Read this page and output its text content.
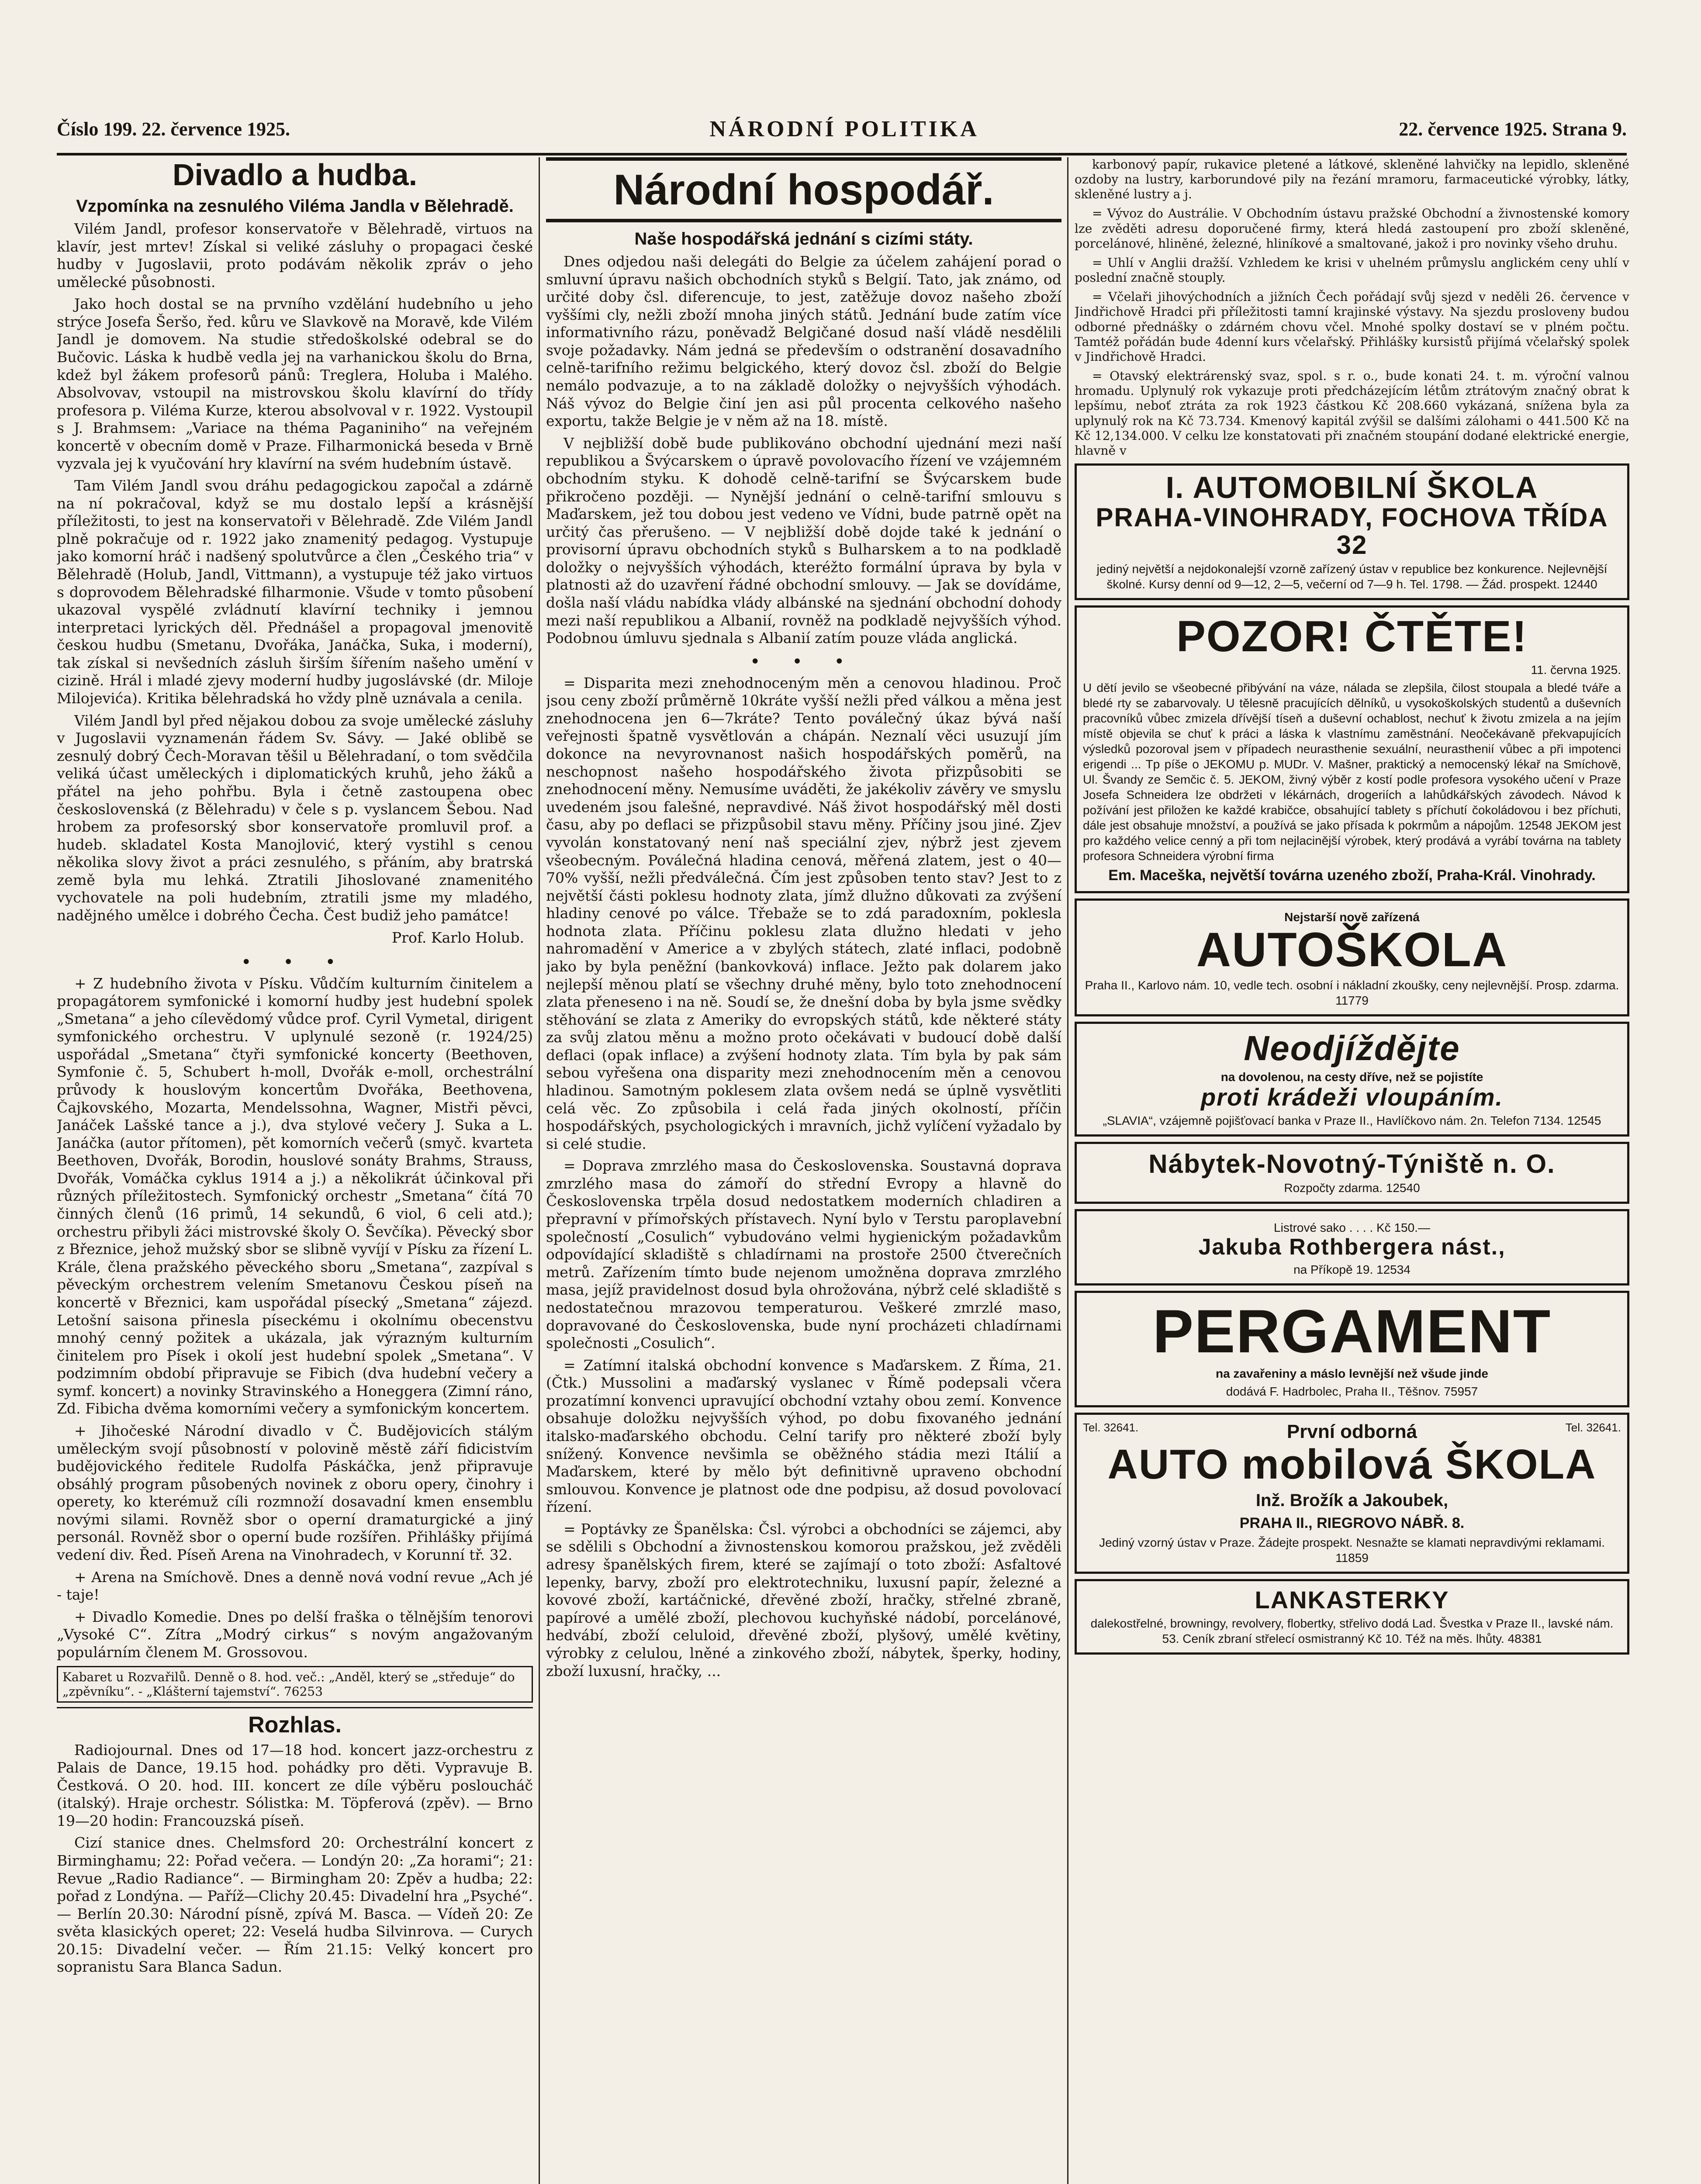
Číslo 199. 22. července 1925.	NÁRODNÍ POLITIKA	22. července 1925. Strana 9.
Divadlo a hudba.
Vzpomínka na zesnulého Viléma Jandla v Bělehradě.

Vilém Jandl, profesor konservatoře v Bělehradě, virtuos na klavír, jest mrtev! Získal si veliké zásluhy o propagaci české hudby v Jugoslavii, proto podávám několik zpráv o jeho umělecké působnosti.

Jako hoch dostal se na prvního vzdělání hudebního u jeho strýce Josefa Šeršo, řed. kůru ve Slavkově na Moravě, kde Vilém Jandl je domovem. Na studie středoškolské odebral se do Bučovic. Láska k hudbě vedla jej na varhanickou školu do Brna, kdež byl žákem profesorů pánů: Treglera, Holuba i Malého. Absolvovav, vstoupil na mistrovskou školu klavírní do třídy profesora p. Viléma Kurze, kterou absolvoval v r. 1922. Vystoupil s J. Brahmsem: „Variace na théma Paganiniho“ na veřejném koncertě v obecním domě v Praze. Filharmonická beseda v Brně vyzvala jej k vyučování hry klavírní na svém hudebním ústavě.

Tam Vilém Jandl svou dráhu pedagogickou započal a zdárně na ní pokračoval, když se mu dostalo lepší a krásnější příležitosti, to jest na konservatoři v Bělehradě. Zde Vilém Jandl plně pokračuje od r. 1922 jako znamenitý pedagog. Vystupuje jako komorní hráč i nadšený spolutvůrce a člen „Českého tria“ v Bělehradě (Holub, Jandl, Vittmann), a vystupuje též jako virtuos s doprovodem Bělehradské filharmonie. Všude v tomto působení ukazoval vyspělé zvládnutí klavírní techniky i jemnou interpretaci lyrických děl. Přednášel a propagoval jmenovitě českou hudbu (Smetanu, Dvořáka, Janáčka, Suka, i moderní), tak získal si nevšedních zásluh širším šířením našeho umění v cizině. Hrál i mladé zjevy moderní hudby jugoslávské (dr. Miloje Milojevića). Kritika bělehradská ho vždy plně uznávala a cenila.

Vilém Jandl byl před nějakou dobou za svoje umělecké zásluhy v Jugoslavii vyznamenán řádem Sv. Sávy. — Jaké oblibě se zesnulý dobrý Čech-Moravan těšil u Bělehradaní, o tom svědčila veliká účast uměleckých i diplomatických kruhů, jeho žáků a přátel na jeho pohřbu. Byla i četně zastoupena obec československá (z Bělehradu) v čele s p. vyslancem Šebou. Nad hrobem za profesorský sbor konservatoře promluvil prof. a hudeb. skladatel Kosta Manojlović, který vystihl s cenou několika slovy život a práci zesnulého, s přáním, aby bratrská země byla mu lehká. Ztratili Jihoslované znamenitého vychovatele na poli hudebním, ztratili jsme my mladého, nadějného umělce i dobrého Čecha. Čest budiž jeho památce!

Prof. Karlo Holub.
• • •

+ Z hudebního života v Písku. Vůdčím kulturním činitelem a propagátorem symfonické i komorní hudby jest hudební spolek „Smetana“ a jeho cílevědomý vůdce prof. Cyril Vymetal, dirigent symfonického orchestru. V uplynulé sezoně (r. 1924/25) uspořádal „Smetana“ čtyři symfonické koncerty (Beethoven, Symfonie č. 5, Schubert h-moll, Dvořák e-moll, orchestrální průvody k houslovým koncertům Dvořáka, Beethovena, Čajkovského, Mozarta, Mendelssohna, Wagner, Mistři pěvci, Janáček Lašské tance a j.), dva stylové večery J. Suka a L. Janáčka (autor přítomen), pět komorních večerů (smyč. kvarteta Beethoven, Dvořák, Borodin, houslové sonáty Brahms, Strauss, Dvořák, Vomáčka cyklus 1914 a j.) a několikrát účinkoval při různých příležitostech. Symfonický orchestr „Smetana“ čítá 70 činných členů (16 primů, 14 sekundů, 6 viol, 6 celi atd.); orchestru přibyli žáci mistrovské školy O. Ševčíka). Pěvecký sbor z Březnice, jehož mužský sbor se slibně vyvíjí v Písku za řízení L. Krále, člena pražského pěveckého sboru „Smetana“, zazpíval s pěveckým orchestrem velením Smetanovu Českou píseň na koncertě v Březnici, kam uspořádal písecký „Smetana“ zájezd. Letošní saisona přinesla píseckému i okolnímu obecenstvu mnohý cenný požitek a ukázala, jak výrazným kulturním činitelem pro Písek i okolí jest hudební spolek „Smetana“. V podzimním období připravuje se Fibich (dva hudební večery a symf. koncert) a novinky Stravinského a Honeggera (Zimní ráno, Zd. Fibicha dvěma komorními večery a symfonickým koncertem.

+ Jihočeské Národní divadlo v Č. Budějovicích stálým uměleckým svojí působností v polovině městě září fidicistvím budějovického ředitele Rudolfa Páskáčka, jenž připravuje obsáhlý program působených novinek z oboru opery, činohry i operety, ko kterémuž cíli rozmnoží dosavadní kmen ensemblu novými silami. Rovněž sbor o operní dramaturgické a jiný personál. Rovněž sbor o operní bude rozšířen. Přihlášky přijímá vedení div. Řed. Píseň Arena na Vinohradech, v Korunní tř. 32.

+ Arena na Smíchově. Dnes a denně nová vodní revue „Ach jé - taje!

+ Divadlo Komedie. Dnes po delší fraška o tělnějším tenorovi „Vysoké C“. Zítra „Modrý cirkus“ s novým angažovaným populárním členem M. Grossovou.

Kabaret u Rozvařilů. Denně o 8. hod. več.: „Anděl, který se „středuje“ do „zpěvníku“. - „Klášterní tajemství“. 76253
Rozhlas.

Radiojournal. Dnes od 17—18 hod. koncert jazz-orchestru z Palais de Dance, 19.15 hod. pohádky pro děti. Vypravuje B. Čestková. O 20. hod. III. koncert ze díle výběru posloucháč (italský). Hraje orchestr. Sólistka: M. Töpferová (zpěv). — Brno 19—20 hodin: Francouzská píseň.

Cizí stanice dnes. Chelmsford 20: Orchestrální koncert z Birminghamu; 22: Pořad večera. — Londýn 20: „Za horami“; 21: Revue „Radio Radiance“. — Birmingham 20: Zpěv a hudba; 22: pořad z Londýna. — Paříž—Clichy 20.45: Divadelní hra „Psyché“. — Berlín 20.30: Národní písně, zpívá M. Basca. — Vídeň 20: Ze světa klasických operet; 22: Veselá hudba Silvinrova. — Curych 20.15: Divadelní večer. — Řím 21.15: Velký koncert pro sopranistu Sara Blanca Sadun.

Národní hospodář.
Naše hospodářská jednání s cizími státy.

Dnes odjedou naši delegáti do Belgie za účelem zahájení porad o smluvní úpravu našich obchodních styků s Belgií. Tato, jak známo, od určité doby čsl. diferencuje, to jest, zatěžuje dovoz našeho zboží vyššími cly, nežli zboží mnoha jiných států. Jednání bude zatím více informativního rázu, poněvadž Belgičané dosud naší vládě nesdělili svoje požadavky. Nám jedná se především o odstranění dosavadního celně-tarifního režimu belgického, který dovoz čsl. zboží do Belgie nemálo podvazuje, a to na základě doložky o nejvyšších výhodách. Náš vývoz do Belgie činí jen asi půl procenta celkového našeho exportu, takže Belgie je v něm až na 18. místě.

V nejbližší době bude publikováno obchodní ujednání mezi naší republikou a Švýcarskem o úpravě povolovacího řízení ve vzájemném obchodním styku. K dohodě celně-tarifní se Švýcarskem bude přikročeno později. — Nynější jednání o celně-tarifní smlouvu s Maďarskem, jež tou dobou jest vedeno ve Vídni, bude patrně opět na určitý čas přerušeno. — V nejbližší době dojde také k jednání o provisorní úpravu obchodních styků s Bulharskem a to na podkladě doložky o nejvyšších výhodách, kteréžto formální úprava by byla v platnosti až do uzavření řádné obchodní smlouvy. — Jak se dovídáme, došla naší vládu nabídka vlády albánské na sjednání obchodní dohody mezi naší republikou a Albanií, rovněž na podkladě nejvyšších výhod. Podobnou úmluvu sjednala s Albanií zatím pouze vláda anglická.

• • •

= Disparita mezi znehodnoceným měn a cenovou hladinou. Proč jsou ceny zboží průměrně 10kráte vyšší nežli před válkou a měna jest znehodnocena jen 6—7kráte? Tento poválečný úkaz bývá naší veřejnosti špatně vysvětlován a chápán. Neznalí věci usuzují jím dokonce na nevyrovnanost našich hospodářských poměrů, na neschopnost našeho hospodářského života přizpůsobiti se znehodnocení měny. Nemusíme uváděti, že jakékoliv závěry ve smyslu uvedeném jsou falešné, nepravdivé. Náš život hospodářský měl dosti času, aby po deflaci se přizpůsobil stavu měny. Příčiny jsou jiné. Zjev vyvolán konstatovaný není naš speciální zjev, nýbrž jest zjevem všeobecným. Poválečná hladina cenová, měřená zlatem, jest o 40—70% vyšší, nežli předválečná. Čím jest způsoben tento stav? Jest to z největší části poklesu hodnoty zlata, jímž dlužno důkovati za zvýšení hladiny cenové po válce. Třebaže se to zdá paradoxním, poklesla hodnota zlata. Příčinu poklesu zlata dlužno hledati v jeho nahromadění v Americe a v zbylých státech, zlaté inflaci, podobně jako by byla peněžní (bankovková) inflace. Ježto pak dolarem jako nejlepší měnou platí se všechny druhé měny, bylo toto znehodnocení zlata přeneseno i na ně. Soudí se, že dnešní doba by byla jsme svědky stěhování se zlata z Ameriky do evropských států, kde některé státy za svůj zlatou měnu a možno proto očekávati v budoucí době další deflaci (opak inflace) a zvýšení hodnoty zlata. Tím byla by pak sám sebou vyřešena ona disparity mezi znehodnocením měn a cenovou hladinou. Samotným poklesem zlata ovšem nedá se úplně vysvětliti celá věc. Zo způsobila i celá řada jiných okolností, příčin hospodářských, psychologických i mravních, jichž vylíčení vyžadalo by si celé studie.

= Doprava zmrzlého masa do Československa. Soustavná doprava zmrzlého masa do zámoří do střední Evropy a hlavně do Československa trpěla dosud nedostatkem moderních chladiren a přepravní v přímořských přístavech. Nyní bylo v Terstu paroplavební společností „Cosulich“ vybudováno velmi hygienickým požadavkům odpovídající skladiště s chladírnami na prostoře 2500 čtverečních metrů. Zařízením tímto bude nejenom umožněna doprava zmrzlého masa, jejíž pravidelnost dosud byla ohrožována, nýbrž celé skladiště s nedostatečnou mrazovou temperaturou. Veškeré zmrzlé maso, dopravované do Československa, bude nyní procházeti chladírnami společnosti „Cosulich“.

= Zatímní italská obchodní konvence s Maďarskem. Z Říma, 21. (Čtk.) Mussolini a maďarský vyslanec v Římě podepsali včera prozatímní konvenci upravující obchodní vztahy obou zemí. Konvence obsahuje doložku nejvyšších výhod, po dobu fixovaného jednání italsko-maďarského obchodu. Celní tarify pro některé zboží byly snížený. Konvence nevšimla se oběžného stádia mezi Itálií a Maďarskem, které by mělo být definitivně upraveno obchodní smlouvou. Konvence je platnost ode dne podpisu, až dosud povolovací řízení.

= Poptávky ze Španělska: Čsl. výrobci a obchodníci se zájemci, aby se sdělili s Obchodní a živnostenskou komorou pražskou, jež zvěděli adresy španělských firem, které se zajímají o toto zboží: Asfaltové lepenky, barvy, zboží pro elektrotechniku, luxusní papír, železné a kovové zboží, kartáčnické, dřevěné zboží, hračky, střelné zbraně, papírové a umělé zboží, plechovou kuchyňské nádobí, porcelánové, hedvábí, zboží celuloid, dřevěné zboží, plyšový, umělé květiny, výrobky z celulou, lněné a zinkového zboží, nábytek, šperky, hodiny, zboží luxusní, hračky, ...

karbonový papír, rukavice pletené a látkové, skleněné lahvičky na lepidlo, skleněné ozdoby na lustry, karborundové pily na řezání mramoru, farmaceutické výrobky, látky, skleněné lustry a j.

= Vývoz do Austrálie. V Obchodním ústavu pražské Obchodní a živnostenské komory lze zvěděti adresu doporučené firmy, která hledá zastoupení pro zboží skleněné, porcelánové, hliněné, železné, hliníkové a smaltované, jakož i pro novinky všeho druhu.

= Uhlí v Anglii dražší. Vzhledem ke krisi v uhelném průmyslu anglickém ceny uhlí v poslední značně stouply.

= Včelaři jihovýchodních a jižních Čech pořádají svůj sjezd v neděli 26. července v Jindřichově Hradci při příležitosti tamní krajinské výstavy. Na sjezdu prosloveny budou odborné přednášky o zdárném chovu včel. Mnohé spolky dostaví se v plném počtu. Tamtéž pořádán bude 4denní kurs včelařský. Přihlášky kursistů přijímá včelařský spolek v Jindřichově Hradci.

= Otavský elektrárenský svaz, spol. s r. o., bude konati 24. t. m. výroční valnou hromadu. Uplynulý rok vykazuje proti předcházejícím létům ztrátovým značný obrat k lepšímu, neboť ztráta za rok 1923 částkou Kč 208.660 vykázaná, snížena byla za uplynulý rok na Kč 73.734. Kmenový kapitál zvýšil se dalšími zálohami o 441.500 Kč na Kč 12,134.000. V celku lze konstatovati při značném stoupání dodané elektrické energie, hlavně v

I. AUTOMOBILNÍ ŠKOLA
PRAHA-VINOHRADY, FOCHOVA TŘÍDA 32
jediný největší a nejdokonalejší vzorně zařízený ústav v republice bez konkurence. Nejlevnější školné. Kursy denní od 9—12, 2—5, večerní od 7—9 h. Tel. 1798. — Žád. prospekt. 12440
POZOR! ČTĚTE!
11. června 1925.
U dětí jevilo se všeobecné přibývání na váze, nálada se zlepšila, čilost stoupala a bledé tváře a bledé rty se zabarvovaly. U tělesně pracujících dělníků, u vysokoškolských studentů a duševních pracovníků vůbec zmizela dřívější tíseň a duševní ochablost, nechuť k životu zmizela a na jejím místě objevila se chuť k práci a láska k vlastnímu zaměstnání. Neočekávaně překvapujících výsledků pozoroval jsem v případech neurasthenie sexuální, neurasthenií vůbec a při impotenci erigendi ... Tp píše o JEKOMU p. MUDr. V. Mašner, praktický a nemocenský lékař na Smíchově, Ul. Švandy ze Semčic č. 5. JEKOM, živný výběr z kostí podle profesora vysokého učení v Praze Josefa Schneidera lze obdržeti v lékárnách, drogeriích a lahůdkářských závodech. Návod k požívání jest přiložen ke každé krabičce, obsahující tablety s příchutí čokoládovou i bez příchuti, dále jest obsahuje množství, a používá se jako přísada k pokrmům a nápojům. 12548 JEKOM jest pro každého velice cenný a při tom nejlacinější výrobek, který prodává a vyrábí továrna na tablety profesora Schneidera výrobní firma
Em. Maceška, největší továrna uzeného zboží, Praha-Král. Vinohrady.
Nejstarší nově zařízená
AUTOŠKOLA
Praha II., Karlovo nám. 10, vedle tech. osobní i nákladní zkoušky, ceny nejlevnější. Prosp. zdarma. 11779
Neodjíždějte
na dovolenou, na cesty dříve, než se pojistíte
proti krádeži vloupáním.
„SLAVIA“, vzájemně pojišťovací banka v Praze II., Havlíčkovo nám. 2n. Telefon 7134. 12545
Nábytek-Novotný-Týniště n. O.
Rozpočty zdarma. 12540
Listrové sako . . . . Kč 150.—
Jakuba Rothbergera nást.,
na Příkopě 19. 12534
PERGAMENT
na zavařeniny a máslo levnější než všude jinde
dodává F. Hadrbolec, Praha II., Těšnov. 75957
Tel. 32641.	První odborná	Tel. 32641.
AUTO mobilová ŠKOLA
Inž. Brožík a Jakoubek,
PRAHA II., RIEGROVO NÁBŘ. 8.
Jediný vzorný ústav v Praze. Žádejte prospekt. Nesnažte se klamati nepravdivými reklamami. 11859
LANKASTERKY
dalekostřelné, browningy, revolvery, flobertky, střelivo dodá Lad. Švestka v Praze II., lavské nám. 53. Ceník zbraní střelecí osmistranný Kč 10. Též na měs. lhůty. 48381
